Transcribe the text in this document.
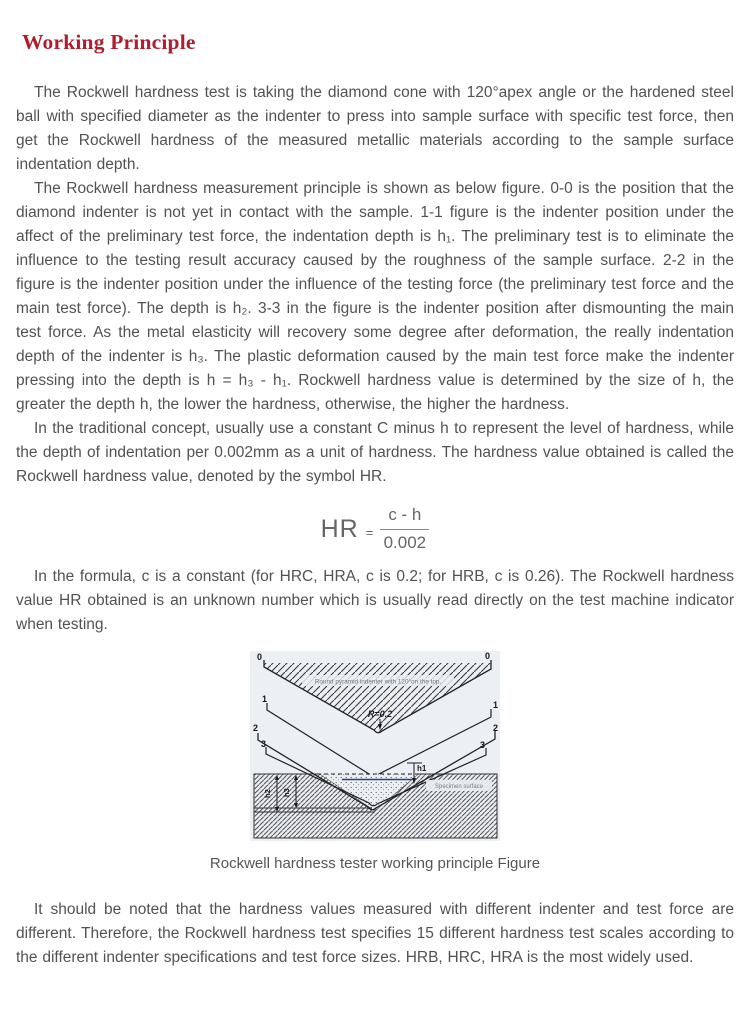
Working Principle

The Rockwell hardness test is taking the diamond cone with 120°apex angle or the hardened steel ball with specified diameter as the indenter to press into sample surface with specific test force, then get the Rockwell hardness of the measured metallic materials according to the sample surface indentation depth.

The Rockwell hardness measurement principle is shown as below figure. 0-0 is the position that the diamond indenter is not yet in contact with the sample. 1-1 figure is the indenter position under the affect of the preliminary test force, the indentation depth is h₁. The preliminary test is to eliminate the influence to the testing result accuracy caused by the roughness of the sample surface. 2-2 in the figure is the indenter position under the influence of the testing force (the preliminary test force and the main test force). The depth is h₂. 3-3 in the figure is the indenter position after dismounting the main test force. As the metal elasticity will recovery some degree after deformation, the really indentation depth of the indenter is h₃. The plastic deformation caused by the main test force make the indenter pressing into the depth is h = h₃ - h₁. Rockwell hardness value is determined by the size of h, the greater the depth h, the lower the hardness, otherwise, the higher the hardness.

In the traditional concept, usually use a constant C minus h to represent the level of hardness, while the depth of indentation per 0.002mm as a unit of hardness. The hardness value obtained is called the Rockwell hardness value, denoted by the symbol HR.

HR = $\frac{c - h}{0.002}$

In the formula, c is a constant (for HRC, HRA, c is 0.2; for HRB, c is 0.26). The Rockwell hardness value HR obtained is an unknown number which is usually read directly on the test machine indicator when testing.

Round pyramid indenter with 120°on the top.
R=0.2
0	0
1
1
2	2
3	3
h1
h2 h3
Specimen surface
Rockwell hardness tester working principle Figure

It should be noted that the hardness values measured with different indenter and test force are different. Therefore, the Rockwell hardness test specifies 15 different hardness test scales according to the different indenter specifications and test force sizes. HRB, HRC, HRA is the most widely used.
